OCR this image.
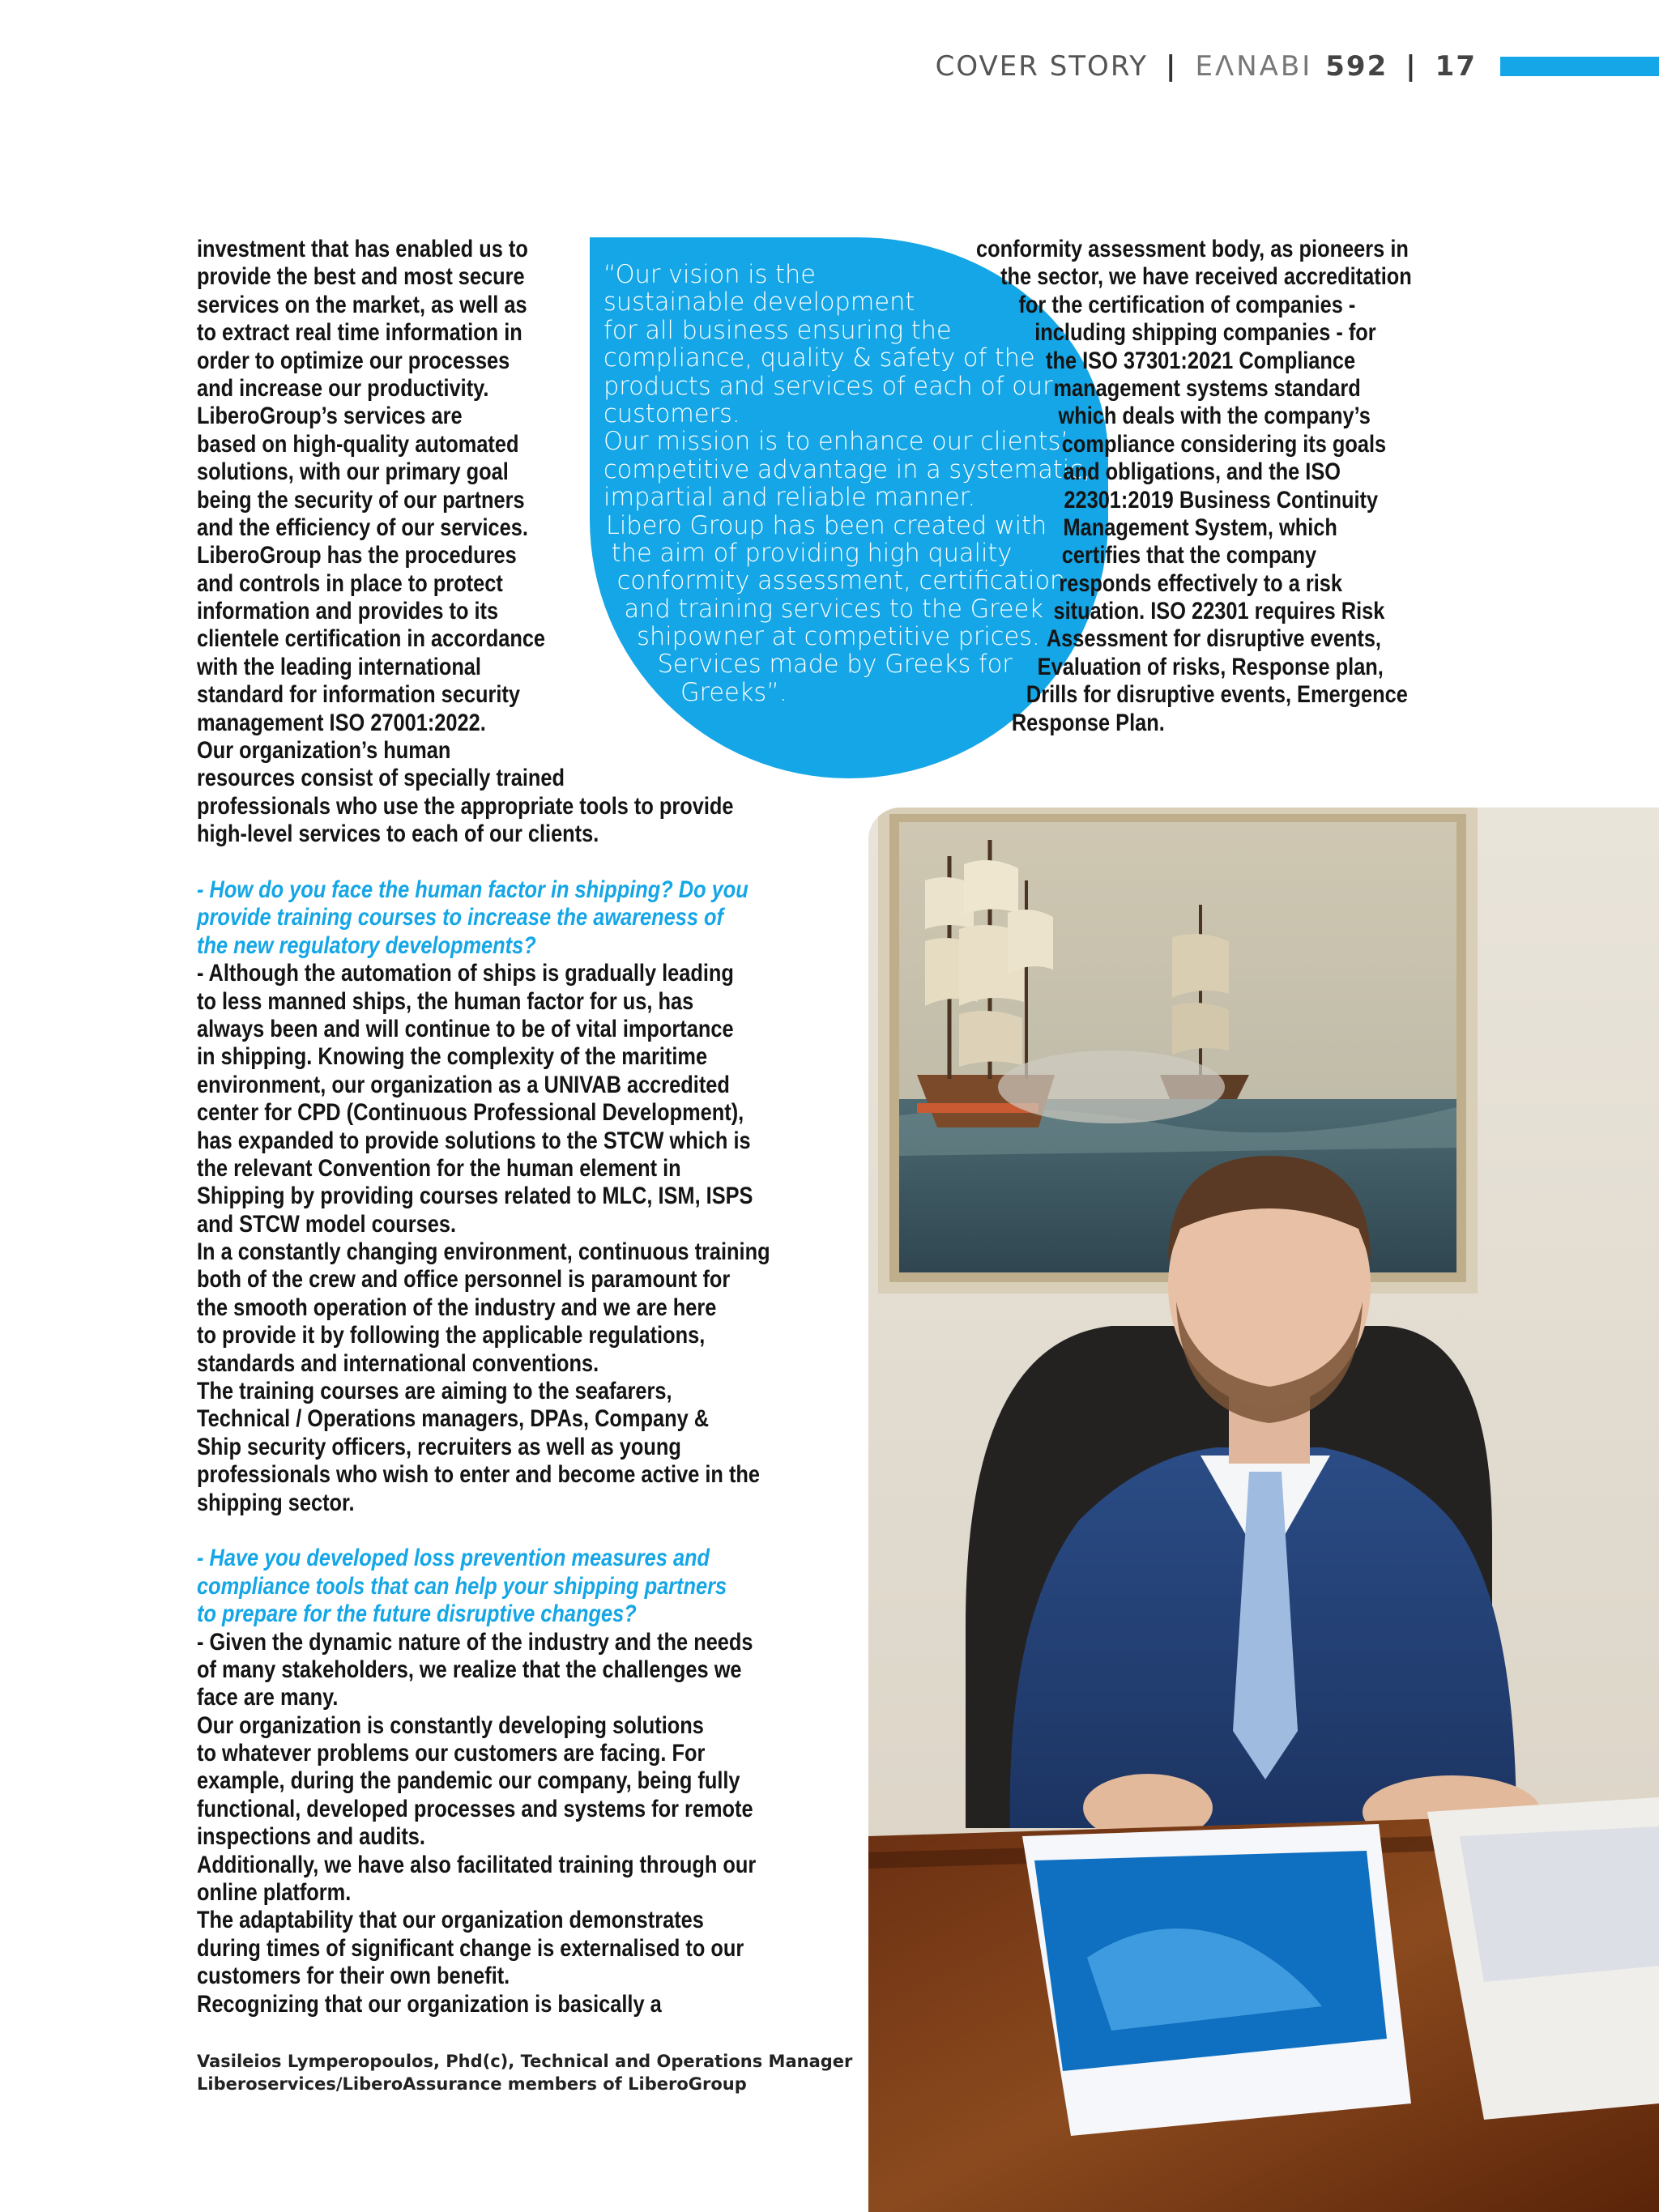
COVER STORY | ΕΛΝΑΒΙ 592 | 17
investment that has enabled us to
provide the best and most secure
services on the market, as well as
to extract real time information in
order to optimize our processes
and increase our productivity.
LiberoGroup’s services are
based on high-quality automated
solutions, with our primary goal
being the security of our partners
and the efficiency of our services.
LiberoGroup has the procedures
and controls in place to protect
information and provides to its
clientele certification in accordance
with the leading international
standard for information security
management ISO 27001:2022.
Our organization’s human
resources consist of specially trained
professionals who use the appropriate tools to provide
high-level services to each of our clients.
- How do you face the human factor in shipping? Do you
provide training courses to increase the awareness of
the new regulatory developments?
- Although the automation of ships is gradually leading
to less manned ships, the human factor for us, has
always been and will continue to be of vital importance
in shipping. Knowing the complexity of the maritime
environment, our organization as a UNIVAB accredited
center for CPD (Continuous Professional Development),
has expanded to provide solutions to the STCW which is
the relevant Convention for the human element in
Shipping by providing courses related to MLC, ISM, ISPS
and STCW model courses.
In a constantly changing environment, continuous training
both of the crew and office personnel is paramount for
the smooth operation of the industry and we are here
to provide it by following the applicable regulations,
standards and international conventions.
The training courses are aiming to the seafarers,
Technical / Operations managers, DPAs, Company &
Ship security officers, recruiters as well as young
professionals who wish to enter and become active in the
shipping sector.
- Have you developed loss prevention measures and
compliance tools that can help your shipping partners
to prepare for the future disruptive changes?
- Given the dynamic nature of the industry and the needs
of many stakeholders, we realize that the challenges we
face are many.
Our organization is constantly developing solutions
to whatever problems our customers are facing. For
example, during the pandemic our company, being fully
functional, developed processes and systems for remote
inspections and audits.
Additionally, we have also facilitated training through our
online platform.
The adaptability that our organization demonstrates
during times of significant change is externalised to our
customers for their own benefit.
Recognizing that our organization is basically a
“Our vision is the
sustainable development
for all business ensuring the
compliance, quality & safety of the
products and services of each of our
customers.
Our mission is to enhance our clients’
competitive advantage in a systematic,
impartial and reliable manner.
Libero Group has been created with
the aim of providing high quality
conformity assessment, certification
and training services to the Greek
shipowner at competitive prices.
Services made by Greeks for
Greeks”.
conformity assessment body, as pioneers in
the sector, we have received accreditation
for the certification of companies -
including shipping companies - for
the ISO 37301:2021 Compliance
management systems standard
which deals with the company’s
compliance considering its goals
and obligations, and the ISO
22301:2019 Business Continuity
Management System, which
certifies that the company
responds effectively to a risk
situation. ISO 22301 requires Risk
Assessment for disruptive events,
Evaluation of risks, Response plan,
Drills for disruptive events, Emergence
Response Plan.
Vasileios Lymperopoulos, Phd(c), Technical and Operations Manager
Liberoservices/LiberoAssurance members of LiberoGroup
